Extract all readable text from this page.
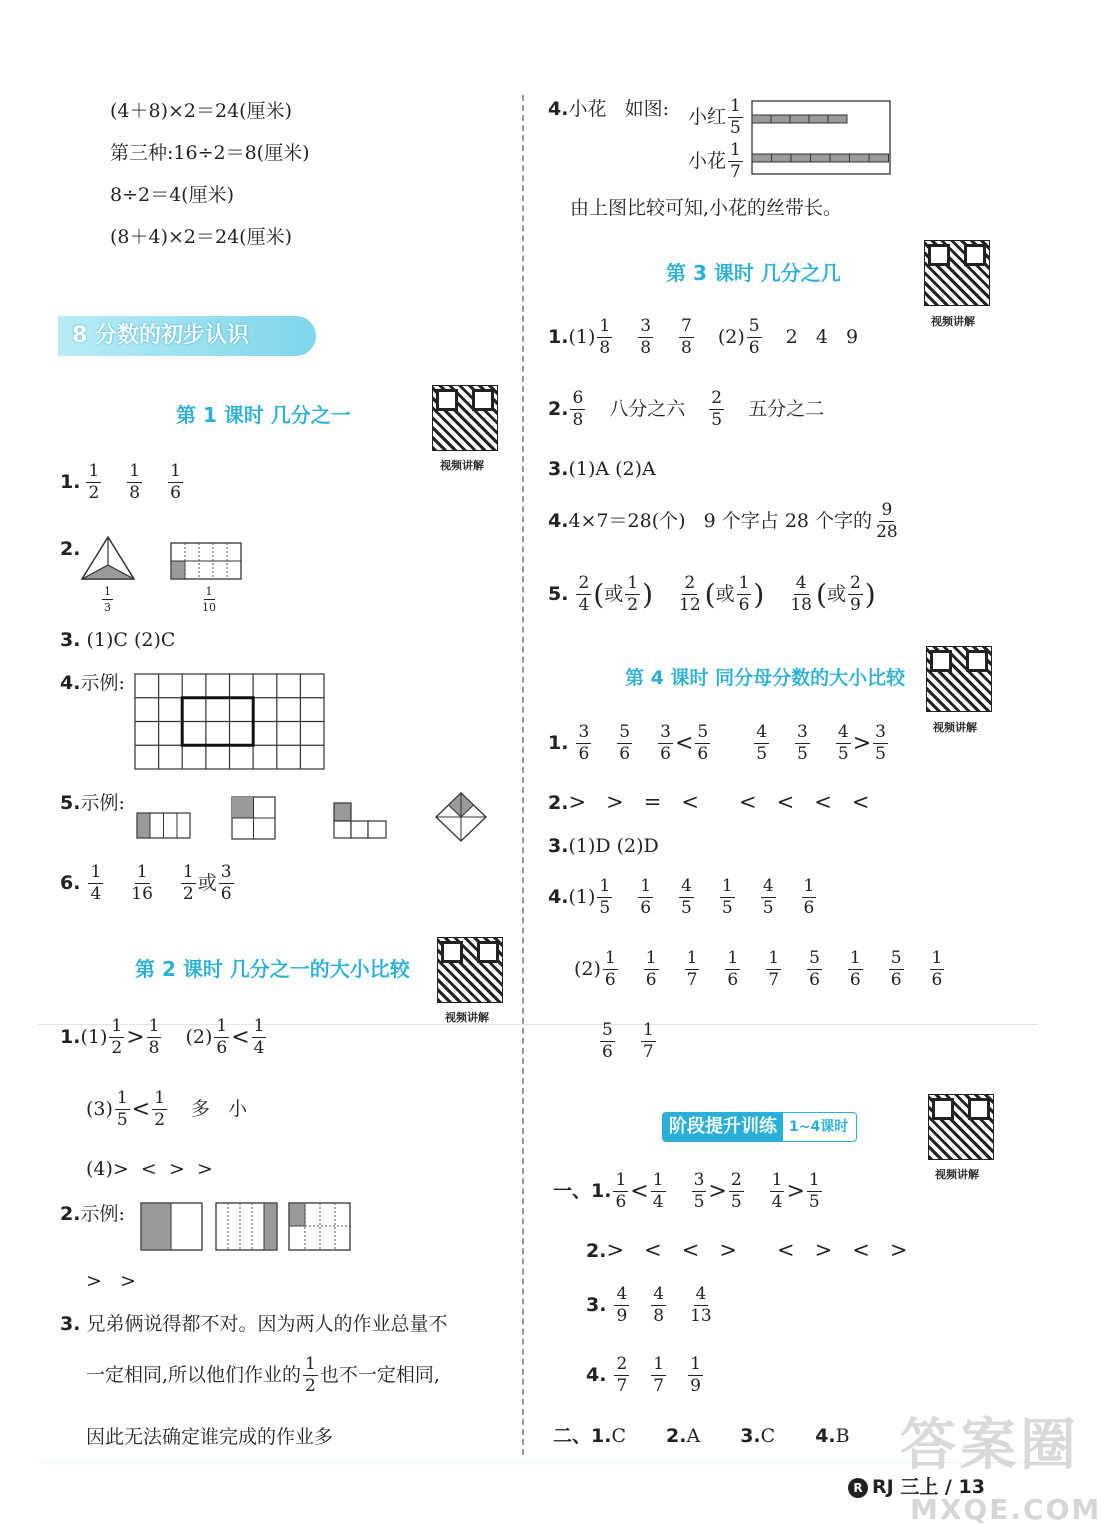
(4＋8)×2＝24(厘米)
第三种:16÷2＝8(厘米)
8÷2＝4(厘米)
(8＋4)×2＝24(厘米)
8 分数的初步认识
第 1 课时 几分之一
视频讲解
1. 1
2
1
8
1
6
2.
$\frac{1}{3}$	$\frac{1}{10}$
3. (1)C (2)C
4.示例:
5.示例:
6. 1
4
1
16
1
2 或 3
6
第 2 课时 几分之一的大小比较
视频讲解
1. (1) 1
2 > 1
8 (2) 1
6 < 1
4
(3) 1
5 < 1
2 多   小
(4)>  <  >  >
2.示例:
>   >
3. 兄弟俩说得都不对。因为两人的作业总量不
一定相同,所以他们作业的 1
2 也不一定相同,
因此无法确定谁完成的作业多
4.小花   如图: 小红 1
5
小花 1
7
由上图比较可知,小花的丝带长。
第 3 课时 几分之几
视频讲解
1. (1) 1
8
3
8
7
8 (2) 5
6 2   4   9
2. 6
8 八分之六 2
5 五分之二
3.(1)A (2)A
4. 4×7＝28(个)   9 个字占 28 个字的 9
28
5. 2
4 ( 或 1
2 ) 2
12 ( 或 1
6 ) 4
18 ( 或 2
9 )
第 4 课时 同分母分数的大小比较
视频讲解
1. 3
6
5
6
3
6 < 5
6
4
5
3
5
4
5 > 3
5
2.>   >   =   <      <   <   <   <
3.(1)D (2)D
4. (1) 1
5
1
6
4
5
1
5
4
5
1
6
(2) 1
6
1
6
1
7
1
6
1
7
5
6
1
6
5
6
1
6
5
6
1
7
阶段提升训练 1~4课时
视频讲解
一、 1. 1
6 < 1
4
3
5 > 2
5
1
4 > 1
5
2.>   <   <   >      <   >   <   >
3. 4
9
4
8
4
13
4. 2
7
1
7
1
9
二、 1. C 2. A 3. C 4. B
R RJ 三上 / 13
答案圈
MXQE.COM
